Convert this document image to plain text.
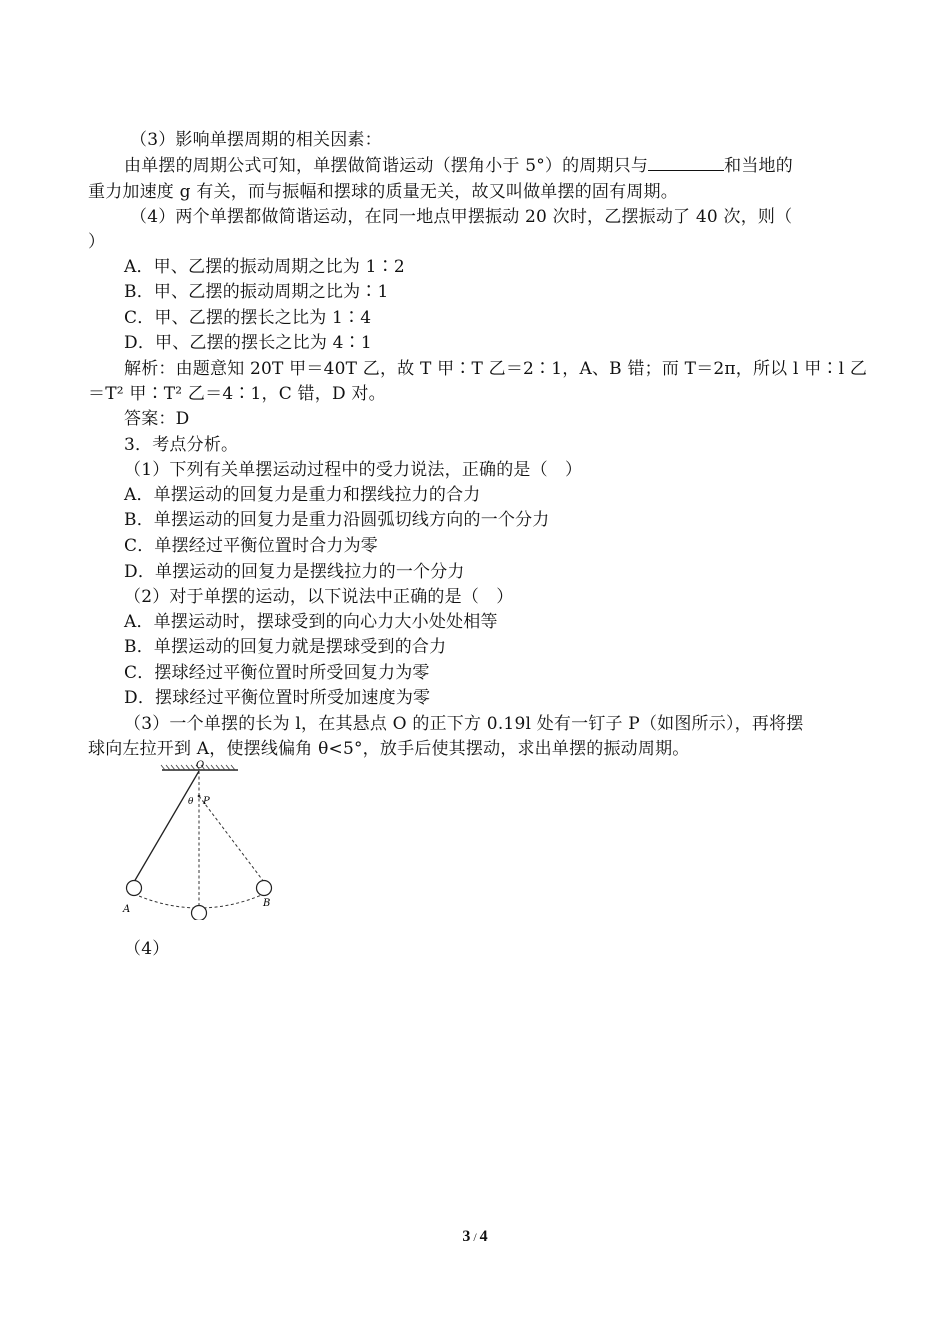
（3）影响单摆周期的相关因素：
由单摆的周期公式可知，单摆做简谐运动（摆角小于 5°）的周期只与	和当地的
重力加速度 g 有关，而与振幅和摆球的质量无关，故又叫做单摆的固有周期。
（4）两个单摆都做简谐运动，在同一地点甲摆振动 20 次时，乙摆振动了 40 次，则（
）
A．甲、乙摆的振动周期之比为 1∶2
B．甲、乙摆的振动周期之比为∶1
C．甲、乙摆的摆长之比为 1∶4
D．甲、乙摆的摆长之比为 4∶1
解析：由题意知 20T 甲＝40T 乙，故 T 甲∶T 乙＝2∶1，A、B 错；而 T＝2π，所以 l 甲∶l 乙
＝T² 甲∶T² 乙＝4∶1，C 错，D 对。
答案：D
3．考点分析。
（1）下列有关单摆运动过程中的受力说法，正确的是（　）
A．单摆运动的回复力是重力和摆线拉力的合力
B．单摆运动的回复力是重力沿圆弧切线方向的一个分力
C．单摆经过平衡位置时合力为零
D．单摆运动的回复力是摆线拉力的一个分力
（2）对于单摆的运动，以下说法中正确的是（　）
A．单摆运动时，摆球受到的向心力大小处处相等
B．单摆运动的回复力就是摆球受到的合力
C．摆球经过平衡位置时所受回复力为零
D．摆球经过平衡位置时所受加速度为零
（3）一个单摆的长为 l，在其悬点 O 的正下方 0.19l 处有一钉子 P（如图所示），再将摆
球向左拉开到 A，使摆线偏角 θ<5°，放手后使其摆动，求出单摆的振动周期。
O
θ P
A
B
（4）
3 / 4
